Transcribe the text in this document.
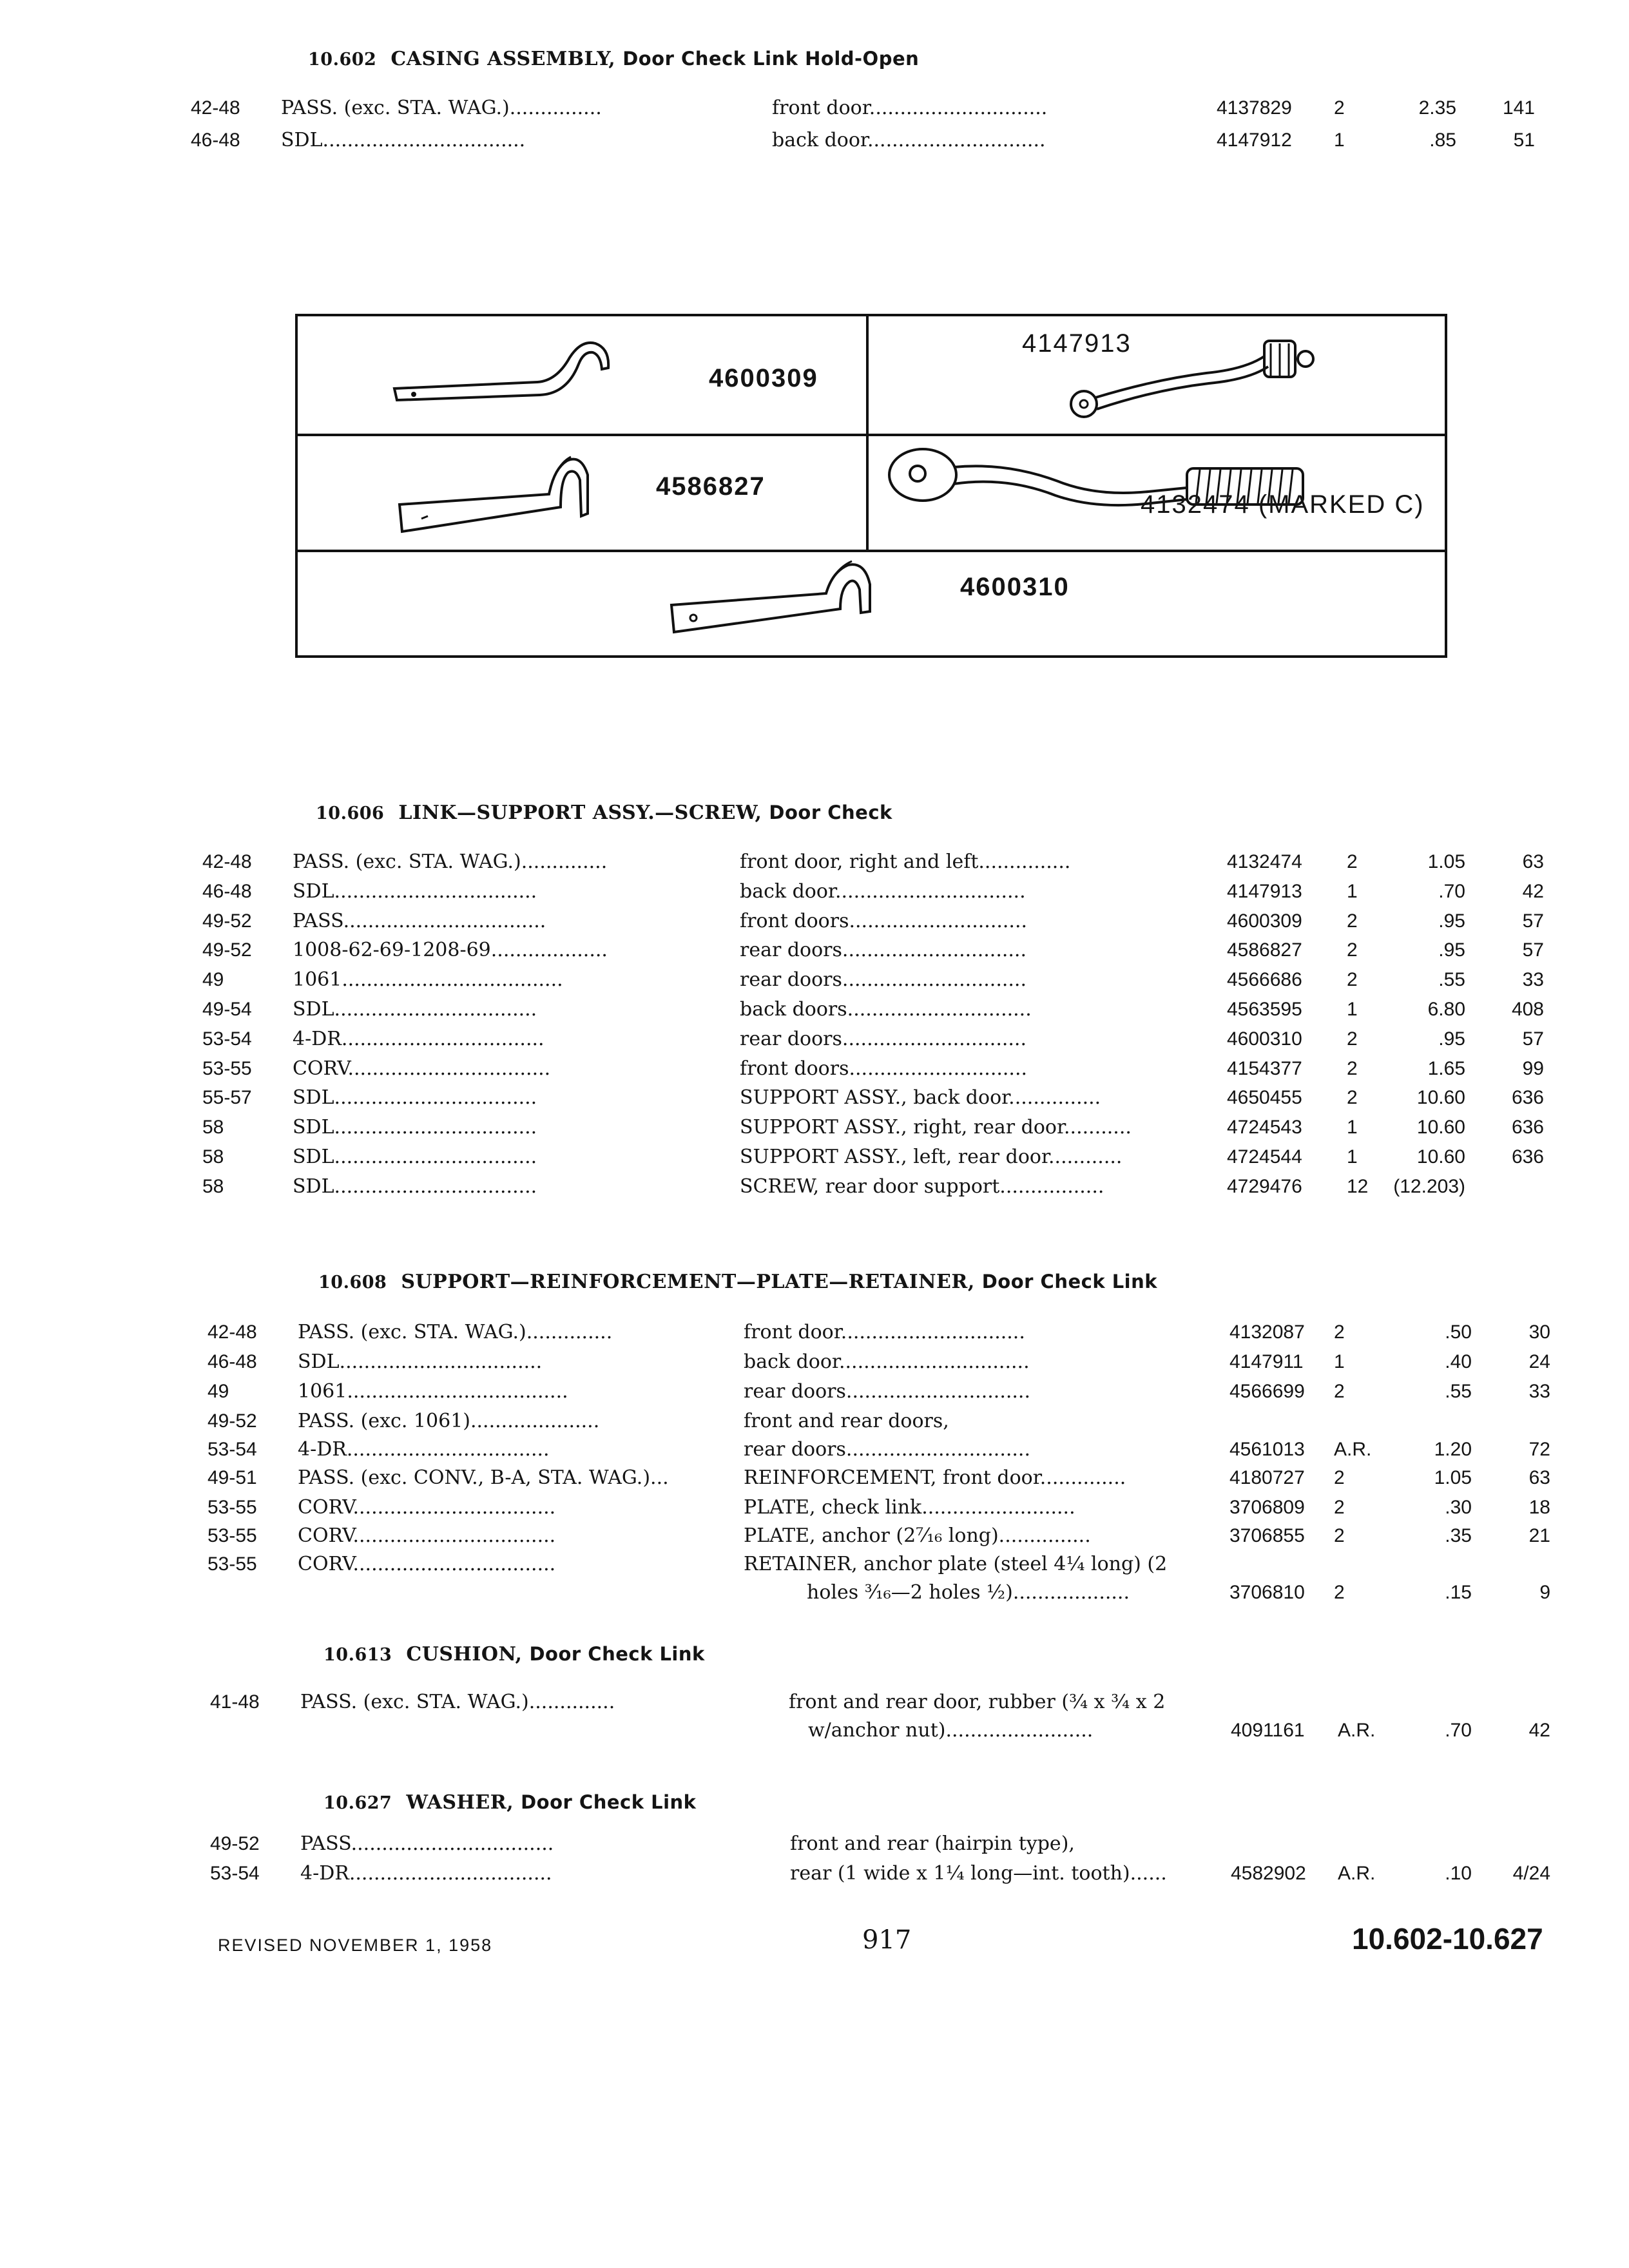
10.602 CASING ASSEMBLY, Door Check Link Hold-Open
42-48 PASS. (exc. STA. WAG.)...............	front door.............................	4137829 2	2.35	141
46-48 SDL.................................	back door.............................	4147912 1	.85	51
4600309
4147913
4586827
4132474 (MARKED C)
4600310
10.606 LINK—SUPPORT ASSY.—SCREW, Door Check
42-48 PASS. (exc. STA. WAG.)..............	front door, right and left...............	4132474 2	1.05	63
46-48 SDL.................................	back door...............................	4147913 1	.70	42
49-52 PASS.................................	front doors.............................	4600309 2	.95	57
49-52 1008-62-69-1208-69...................	rear doors..............................	4586827 2	.95	57
49	1061....................................	rear doors..............................	4566686 2	.55	33
49-54 SDL.................................	back doors..............................	4563595 1	6.80	408
53-54 4-DR.................................	rear doors..............................	4600310 2	.95	57
53-55 CORV.................................	front doors.............................	4154377 2	1.65	99
55-57 SDL.................................	SUPPORT ASSY., back door...............	4650455 2	10.60	636
58	SDL.................................	SUPPORT ASSY., right, rear door...........	4724543 1	10.60	636
58	SDL.................................	SUPPORT ASSY., left, rear door............	4724544 1	10.60	636
58	SDL.................................	SCREW, rear door support.................	4729476 12	(12.203)
10.608 SUPPORT—REINFORCEMENT—PLATE—RETAINER, Door Check Link
42-48 PASS. (exc. STA. WAG.)..............	front door..............................	4132087 2	.50	30
46-48 SDL.................................	back door...............................	4147911 1	.40	24
49	1061....................................	rear doors..............................	4566699 2	.55	33
49-52 PASS. (exc. 1061).....................	front and rear doors,
53-54 4-DR.................................	rear doors..............................	4561013 A.R.	1.20	72
49-51 PASS. (exc. CONV., B-A, STA. WAG.)...	REINFORCEMENT, front door..............	4180727 2	1.05	63
53-55 CORV.................................	PLATE, check link.........................	3706809 2	.30	18
53-55 CORV.................................	PLATE, anchor (2⁷⁄₁₆ long)...............	3706855 2	.35	21
53-55 CORV.................................	RETAINER, anchor plate (steel 4¼ long) (2
holes ³⁄₁₆—2 holes ½)...................	3706810 2	.15	9
10.613 CUSHION, Door Check Link
41-48 PASS. (exc. STA. WAG.)..............	front and rear door, rubber (¾ x ¾ x 2
w/anchor nut)........................	4091161 A.R.	.70	42
10.627 WASHER, Door Check Link
49-52 PASS.................................	front and rear (hairpin type),
53-54 4-DR.................................	rear (1 wide x 1¼ long—int. tooth)......	4582902 A.R.	.10	4/24
REVISED NOVEMBER 1, 1958	917	10.602-10.627
